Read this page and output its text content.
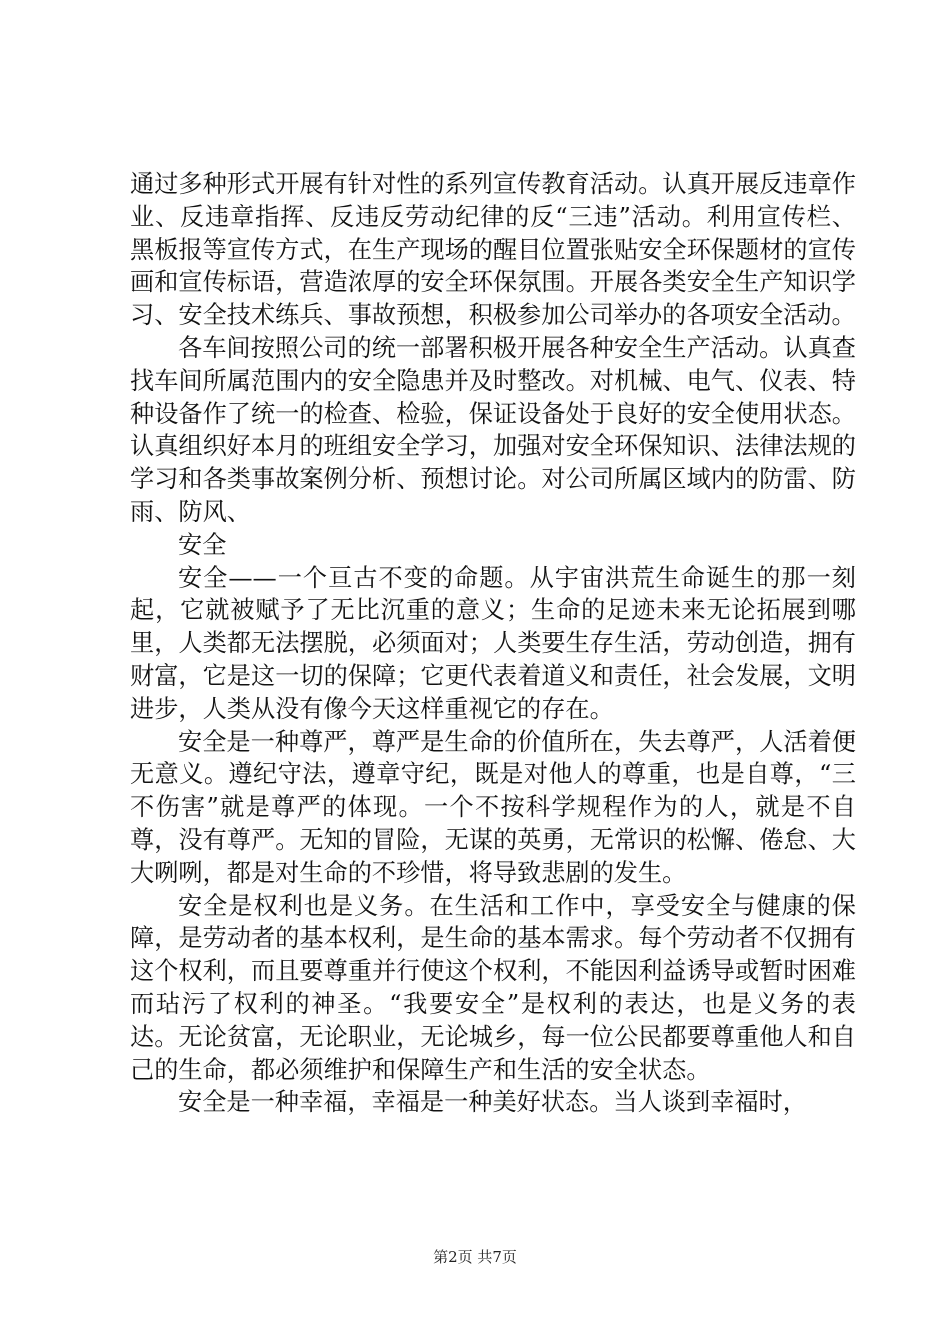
通过多种形式开展有针对性的系列宣传教育活动。认真开展反违章作业、反违章指挥、反违反劳动纪律的反“三违”活动。利用宣传栏、黑板报等宣传方式，在生产现场的醒目位置张贴安全环保题材的宣传画和宣传标语，营造浓厚的安全环保氛围。开展各类安全生产知识学习、安全技术练兵、事故预想，积极参加公司举办的各项安全活动。

各车间按照公司的统一部署积极开展各种安全生产活动。认真查找车间所属范围内的安全隐患并及时整改。对机械、电气、仪表、特种设备作了统一的检查、检验，保证设备处于良好的安全使用状态。认真组织好本月的班组安全学习，加强对安全环保知识、法律法规的学习和各类事故案例分析、预想讨论。对公司所属区域内的防雷、防雨、防风、

安全

安全——一个亘古不变的命题。从宇宙洪荒生命诞生的那一刻起，它就被赋予了无比沉重的意义；生命的足迹未来无论拓展到哪里，人类都无法摆脱，必须面对；人类要生存生活，劳动创造，拥有财富，它是这一切的保障；它更代表着道义和责任，社会发展，文明进步，人类从没有像今天这样重视它的存在。

安全是一种尊严，尊严是生命的价值所在，失去尊严，人活着便无意义。遵纪守法，遵章守纪，既是对他人的尊重，也是自尊，“三不伤害”就是尊严的体现。一个不按科学规程作为的人，就是不自尊，没有尊严。无知的冒险，无谋的英勇，无常识的松懈、倦怠、大大咧咧，都是对生命的不珍惜，将导致悲剧的发生。

安全是权利也是义务。在生活和工作中，享受安全与健康的保障，是劳动者的基本权利，是生命的基本需求。每个劳动者不仅拥有这个权利，而且要尊重并行使这个权利，不能因利益诱导或暂时困难而玷污了权利的神圣。“我要安全”是权利的表达，也是义务的表达。无论贫富，无论职业，无论城乡，每一位公民都要尊重他人和自己的生命，都必须维护和保障生产和生活的安全状态。

安全是一种幸福，幸福是一种美好状态。当人谈到幸福时，

第2页 共7页
